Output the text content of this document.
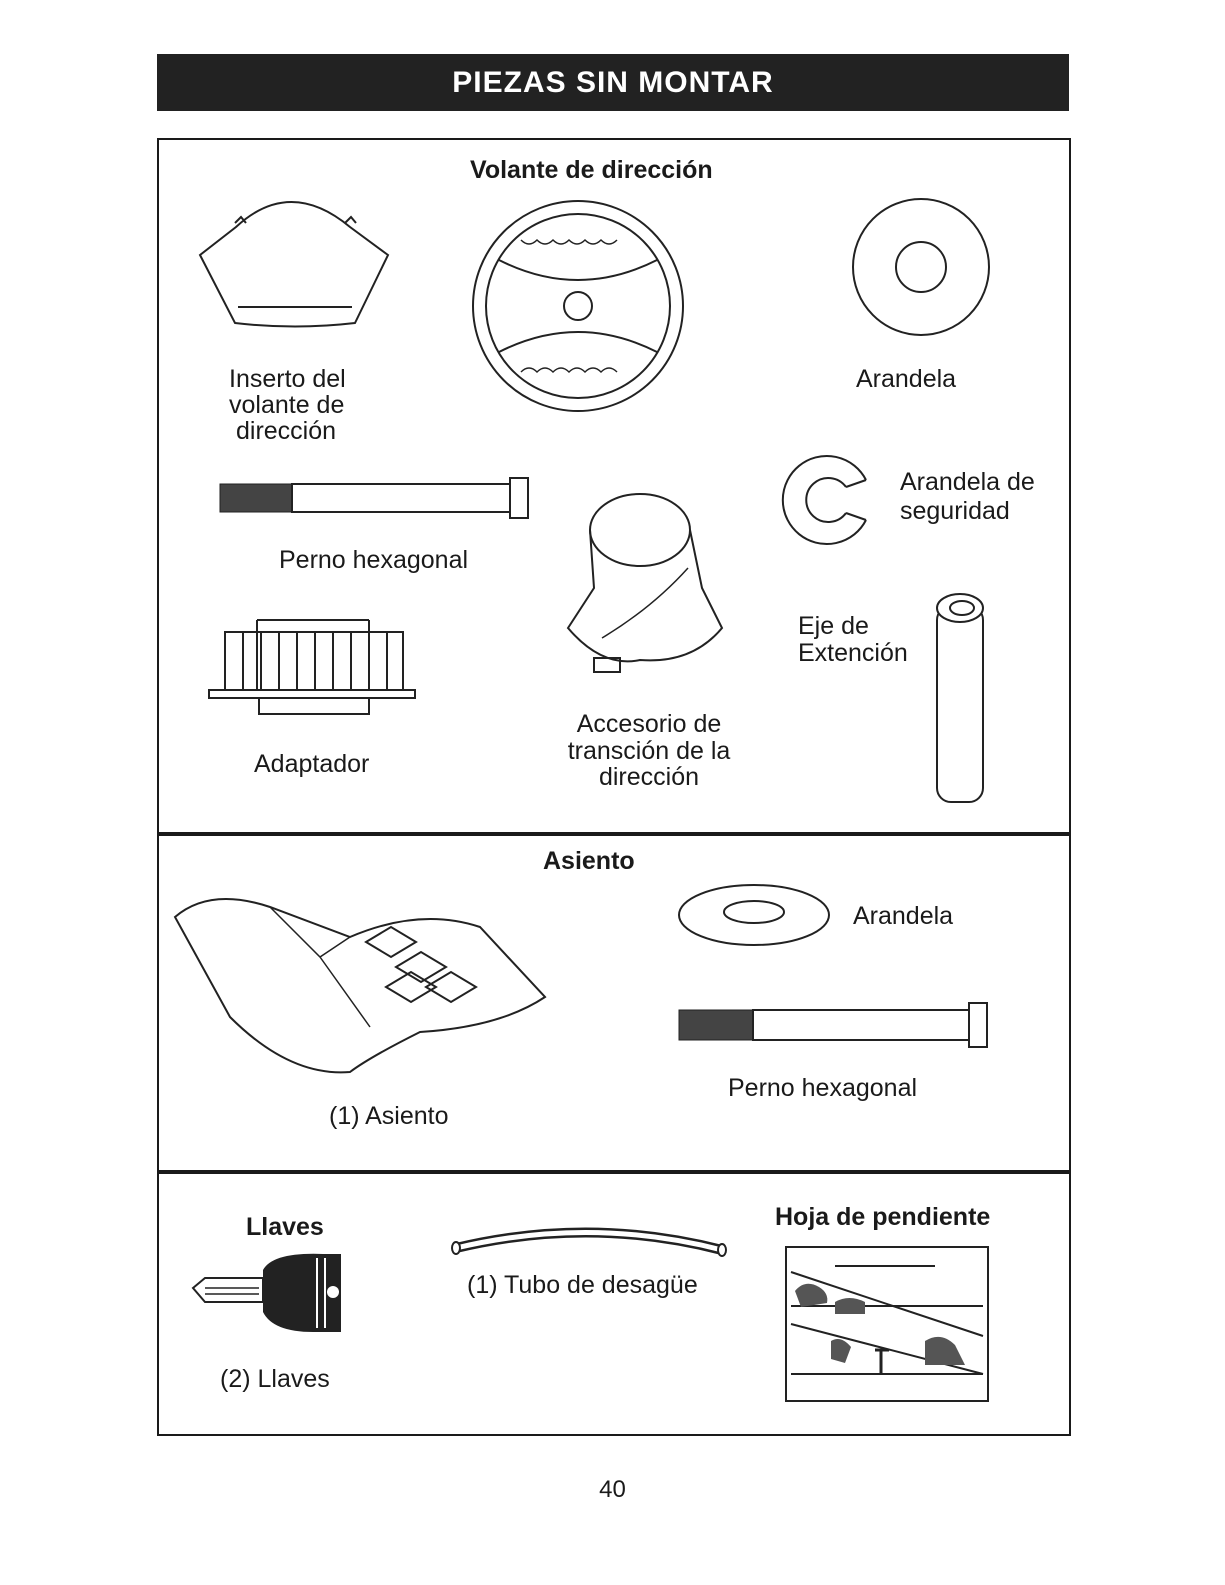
PIEZAS SIN MONTAR
Volante de dirección
Inserto del
volante de
dirección
Arandela
Perno hexagonal
Arandela de
seguridad
Adaptador
Accesorio de
transción de la
dirección
Eje de
Extención
Asiento
(1) Asiento
Arandela
Perno hexagonal
Llaves
(2) Llaves
(1) Tubo de desagüe
Hoja de pendiente
40
